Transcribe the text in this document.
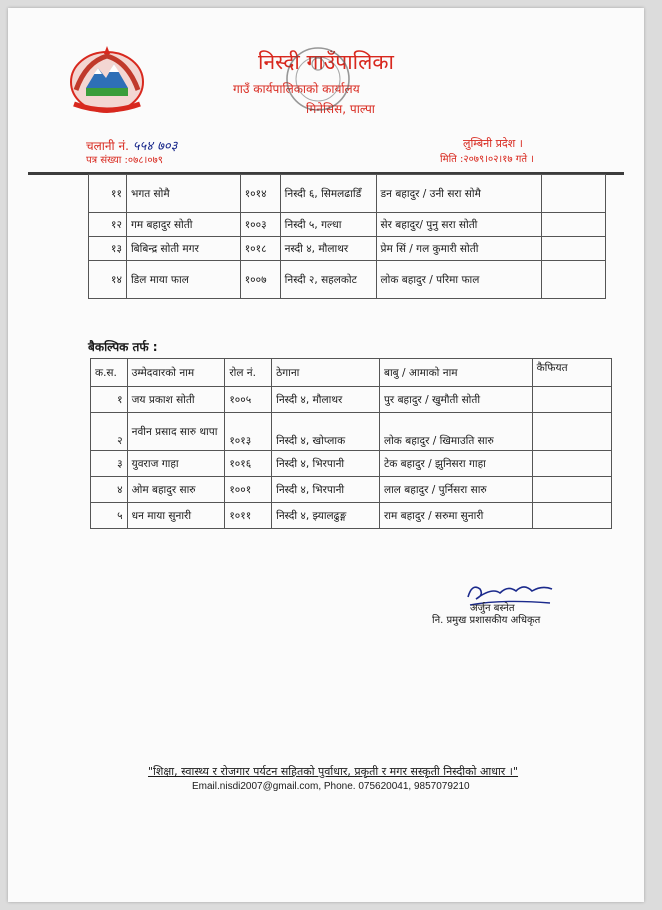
निस्दी गाउँपालिका
गाउँ कार्यपालिकाको कार्यालय
मिनेसिस, पाल्पा
चलानी नं. ५५४ ७०३
पत्र संख्या :०७८।०७९
लुम्बिनी प्रदेश ।
मिति :२०७९।०२।१७ गते ।
११	भगत सोमै	१०१४	निस्दी ६, सिमलढाडिँ	डन बहादुर / उनी सरा सोमै	
१२	गम बहादुर सोती	१००३	निस्दी ५, गल्धा	सेर बहादुर/ पुनु सरा सोती	
१३	बिबिन्द्र सोती मगर	१०१८	नस्दी ४, मौलाथर	प्रेम सिं / गल कुमारी सोती	
१४	डिल माया फाल	१००७	निस्दी २, सहलकोट	लोक बहादुर / परिमा फाल	
बैकल्पिक तर्फ :
क.स.	उम्मेदवारको नाम	रोल नं.	ठेगाना	बाबु / आमाको नाम	कैफियत
१	जय प्रकाश सोती	१००५	निस्दी ४, मौलाथर	पुर बहादुर / खुमौती सोती	
२	नवीन प्रसाद सारु थापा	१०१३	निस्दी ४, खोप्लाक	लोक बहादुर / खिमाउति सारु	
३	युवराज गाहा	१०१६	निस्दी ४, भिरपानी	टेक बहादुर / झुनिसरा गाहा	
४	ओम बहादुर सारु	१००१	निस्दी ४, भिरपानी	लाल बहादुर / पुर्निसरा सारु	
५	धन माया सुनारी	१०११	निस्दी ४, झ्यालढुङ्ग	राम बहादुर / सरुमा सुनारी	
अर्जुन बस्नेत
नि. प्रमुख प्रशासकीय अधिकृत
"शिक्षा, स्वास्थ्य र रोजगार पर्यटन सहितको पुर्वाधार, प्रकृती र मगर सस्कृती निस्दीको आधार ।"
Email.nisdi2007@gmail.com, Phone. 075620041, 9857079210
